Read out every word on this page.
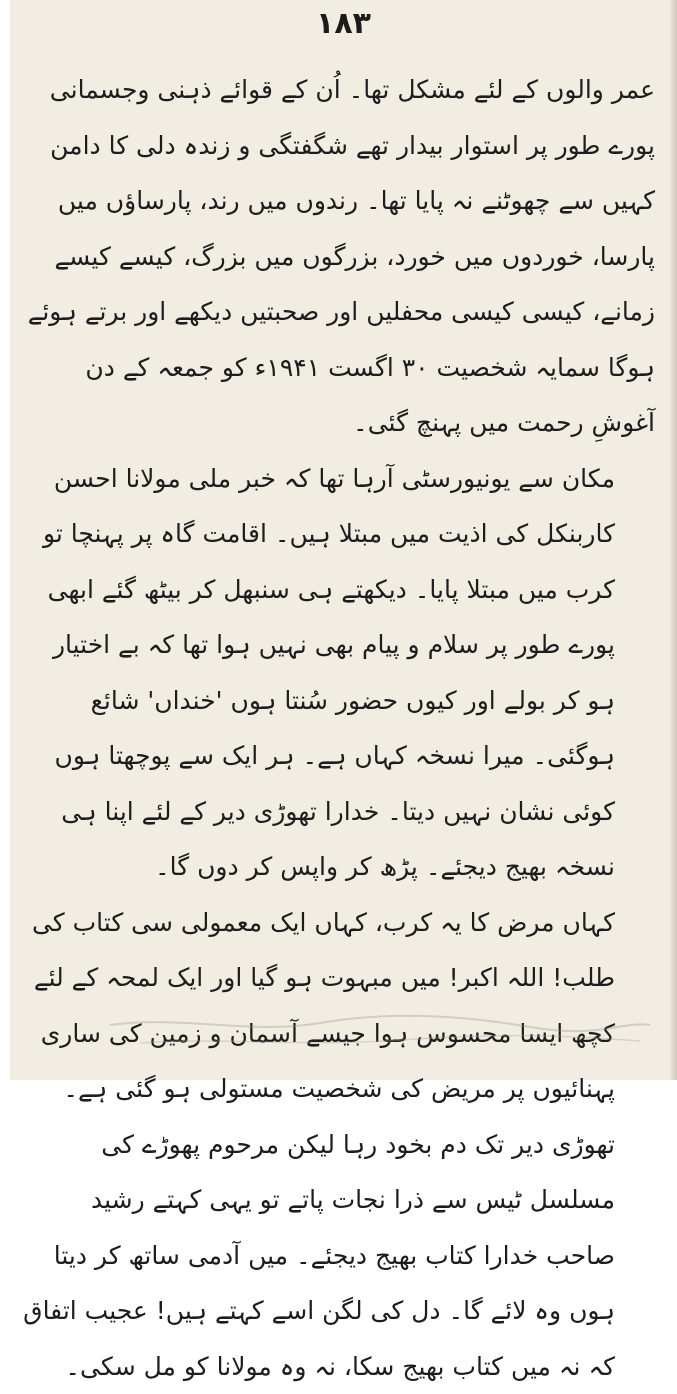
۱۸۳

عمر والوں کے لئے مشکل تھا۔ اُن کے قوائے ذہنی وجسمانی پورے طور پر استوار بیدار تھے شگفتگی و زندہ دلی کا دامن کہیں سے چھوٹنے نہ پایا تھا۔ رندوں میں رند، پارساؤں میں پارسا، خوردوں میں خورد، بزرگوں میں بزرگ، کیسے کیسے زمانے، کیسی کیسی محفلیں اور صحبتیں دیکھے اور برتے ہوئے ہوگا سمایہ شخصیت ۳۰ اگست ۱۹۴۱ء کو جمعہ کے دن آغوشِ رحمت میں پہنچ گئی۔

مکان سے یونیورسٹی آرہا تھا کہ خبر ملی مولانا احسن کاربنکل کی اذیت میں مبتلا ہیں۔ اقامت گاہ پر پہنچا تو کرب میں مبتلا پایا۔ دیکھتے ہی سنبھل کر بیٹھ گئے ابھی پورے طور پر سلام و پیام بھی نہیں ہوا تھا کہ بے اختیار ہو کر بولے اور کیوں حضور سُنتا ہوں 'خنداں' شائع ہوگئی۔ میرا نسخہ کہاں ہے۔ ہر ایک سے پوچھتا ہوں کوئی نشان نہیں دیتا۔ خدارا تھوڑی دیر کے لئے اپنا ہی نسخہ بھیج دیجئے۔ پڑھ کر واپس کر دوں گا۔

کہاں مرض کا یہ کرب، کہاں ایک معمولی سی کتاب کی طلب! اللہ اکبر! میں مبہوت ہو گیا اور ایک لمحہ کے لئے کچھ ایسا محسوس ہوا جیسے آسمان و زمین کی ساری پہنائیوں پر مریض کی شخصیت مستولی ہو گئی ہے۔ تھوڑی دیر تک دم بخود رہا لیکن مرحوم پھوڑے کی مسلسل ٹیس سے ذرا نجات پاتے تو یہی کہتے رشید صاحب خدارا کتاب بھیج دیجئے۔ میں آدمی ساتھ کر دیتا ہوں وہ لائے گا۔ دل کی لگن اسے کہتے ہیں! عجیب اتفاق کہ نہ میں کتاب بھیج سکا، نہ وہ مولانا کو مل سکی۔
